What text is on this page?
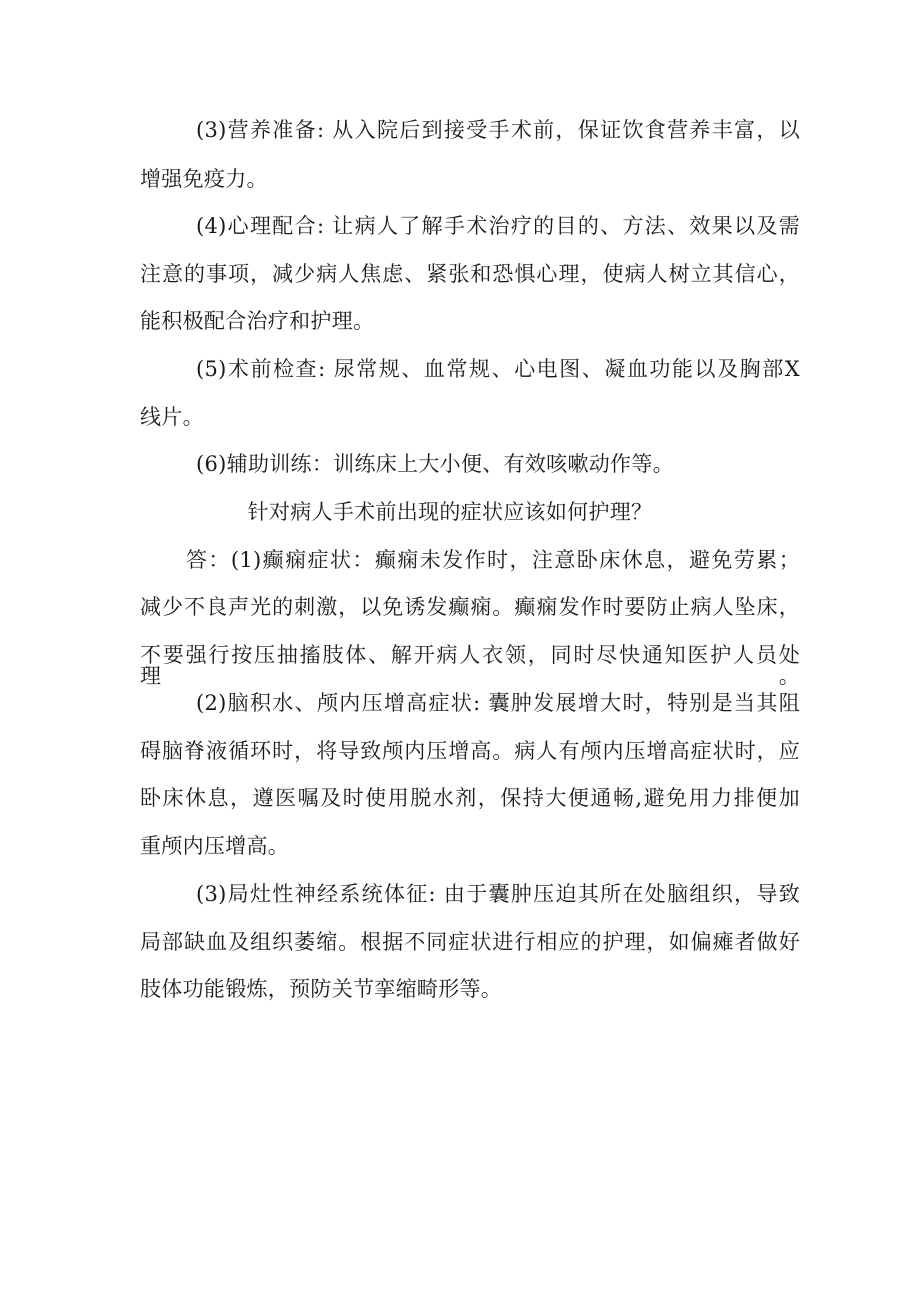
(3)营养准备: 从入院后到接受手术前，保证饮食营养丰富，以
增强免疫力。
(4)心理配合: 让病人了解手术治疗的目的、方法、效果以及需
注意的事项，减少病人焦虑、紧张和恐惧心理，使病人树立其信心，
能积极配合治疗和护理。
(5)术前检查: 尿常规、血常规、心电图、凝血功能以及胸部X
线片。
(6)辅助训练：训练床上大小便、有效咳嗽动作等。
针对病人手术前出现的症状应该如何护理？
答：(1)癫痫症状：癫痫未发作时，注意卧床休息，避免劳累；
减少不良声光的刺激，以免诱发癫痫。癫痫发作时要防止病人坠床，
不要强行按压抽搐肢体、解开病人衣领，同时尽快通知医护人员处理。
(2)脑积水、颅内压增高症状: 囊肿发展增大时，特别是当其阻
碍脑脊液循环时，将导致颅内压增高。病人有颅内压增高症状时，应
卧床休息，遵医嘱及时使用脱水剂，保持大便通畅,避免用力排便加
重颅内压增高。
(3)局灶性神经系统体征: 由于囊肿压迫其所在处脑组织，导致
局部缺血及组织萎缩。根据不同症状进行相应的护理，如偏瘫者做好
肢体功能锻炼，预防关节挛缩畸形等。
